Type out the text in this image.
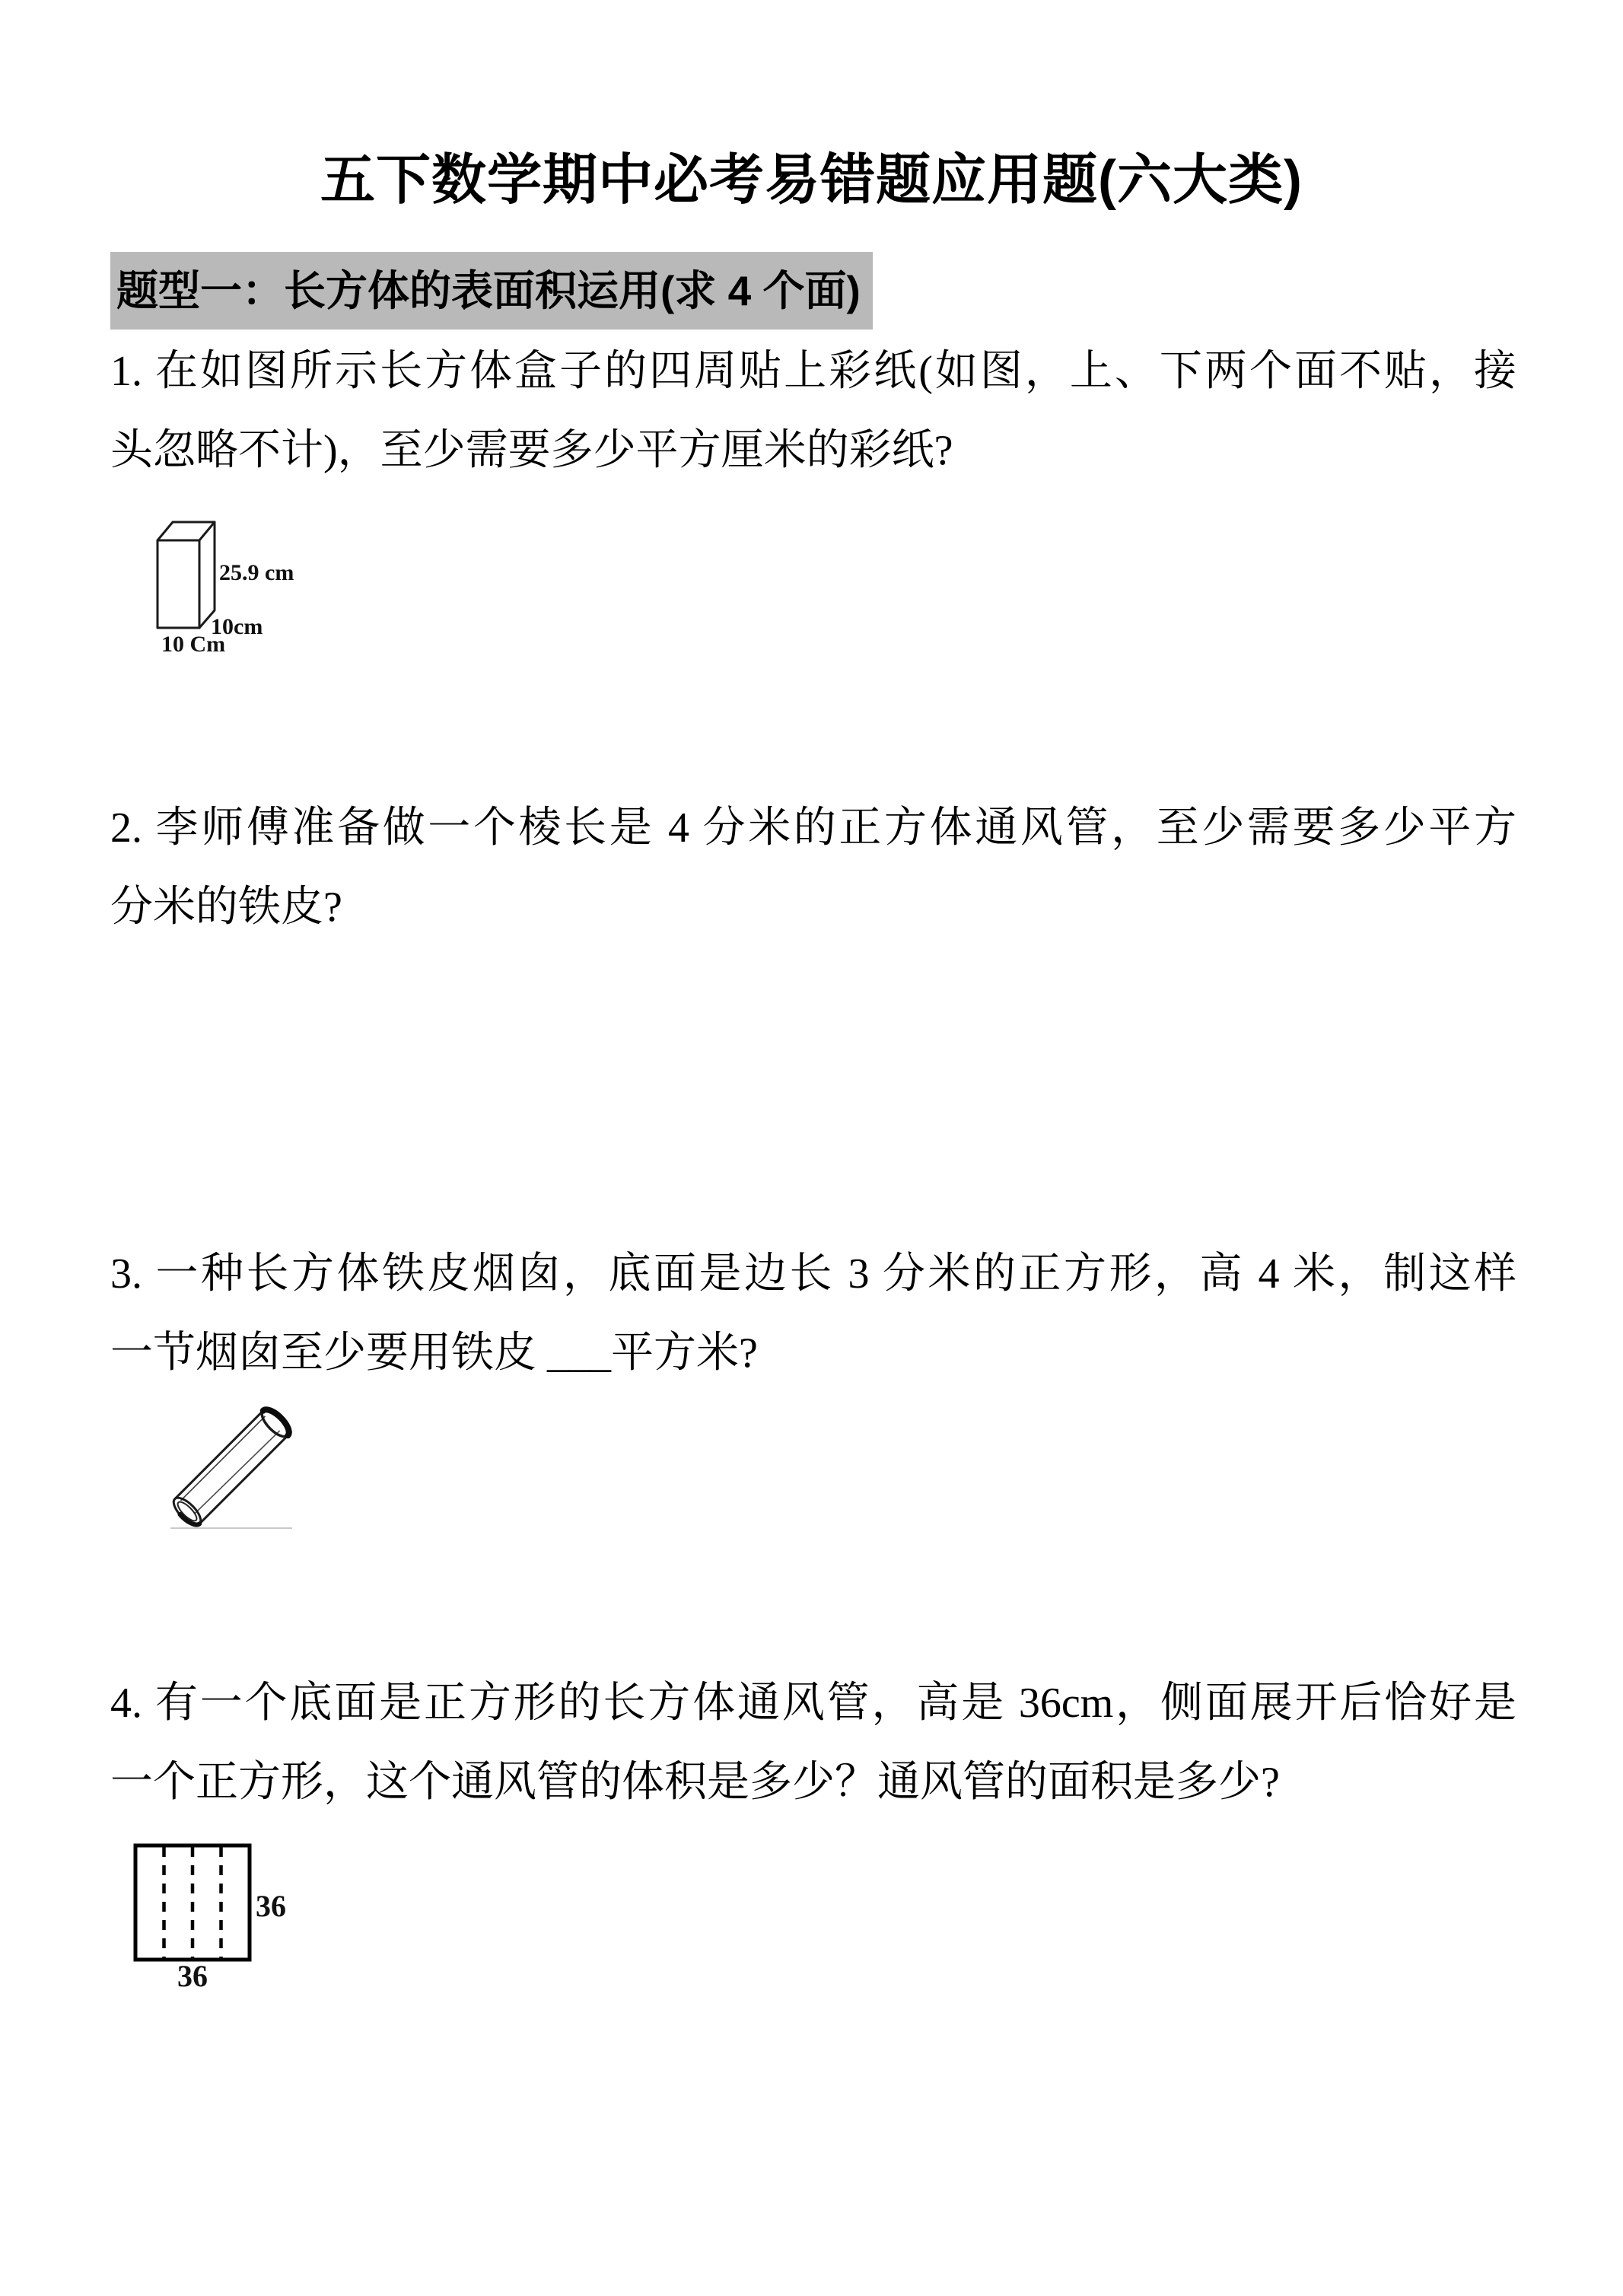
五下数学期中必考易错题应用题(六大类)
题型一：长方体的表面积运用(求 4 个面)
1. 在如图所示长方体盒子的四周贴上彩纸(如图，上、下两个面不贴，接
头忽略不计)，至少需要多少平方厘米的彩纸?
25.9 cm
10cm
10 Cm
2. 李师傅准备做一个棱长是 4 分米的正方体通风管，至少需要多少平方
分米的铁皮?
3. 一种长方体铁皮烟囱，底面是边长 3 分米的正方形，高 4 米，制这样
一节烟囱至少要用铁皮 ___平方米?
4. 有一个底面是正方形的长方体通风管，高是 36cm，侧面展开后恰好是
一个正方形，这个通风管的体积是多少？通风管的面积是多少?
36
36
